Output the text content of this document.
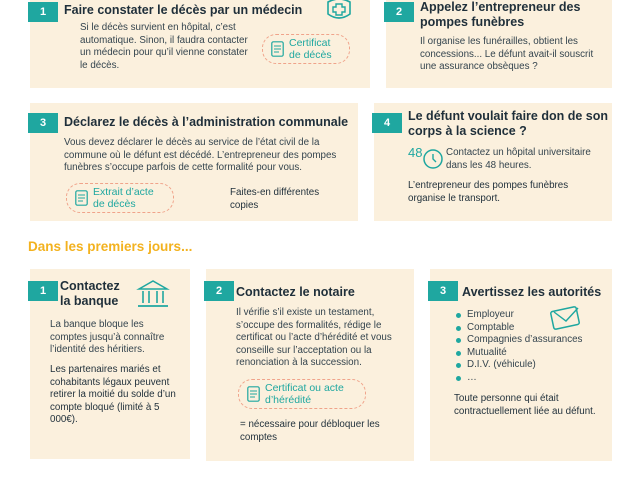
1	Faire constater le décès par un médecin
Si le décès survient en hôpital, c’est automatique. Sinon, il faudra contacter un médecin pour qu’il vienne constater le décès.
Certificat de décès
2	Appelez l’entrepreneur des pompes funèbres
Il organise les funérailles, obtient les concessions... Le défunt avait-il souscrit une assurance obsèques ?
3	Déclarez le décès à l’administration communale
Vous devez déclarer le décès au service de l’état civil de la commune où le défunt est décédé. L’entrepreneur des pompes funèbres s’occupe parfois de cette formalité pour vous.
Extrait d’acte de décès
Faites-en différentes copies
4	Le défunt voulait faire don de son corps à la science ?
48 Contactez un hôpital universitaire dans les 48 heures.
L’entrepreneur des pompes funèbres organise le transport.
Dans les premiers jours...
1	Contactez la banque
La banque bloque les comptes jusqu’à connaître l’identité des héritiers.
Les partenaires mariés et cohabitants légaux peuvent retirer la moitié du solde d’un compte bloqué (limité à 5 000€).
2	Contactez le notaire
Il vérifie s’il existe un testament, s’occupe des formalités, rédige le certificat ou l’acte d’hérédité et vous conseille sur l’acceptation ou la renonciation à la succession.
Certificat ou acte d’hérédité
= nécessaire pour débloquer les comptes
3	Avertissez les autorités
Employeur
Comptable
Compagnies d’assurances
Mutualité
D.I.V. (véhicule)
…
Toute personne qui était contractuellement liée au défunt.
